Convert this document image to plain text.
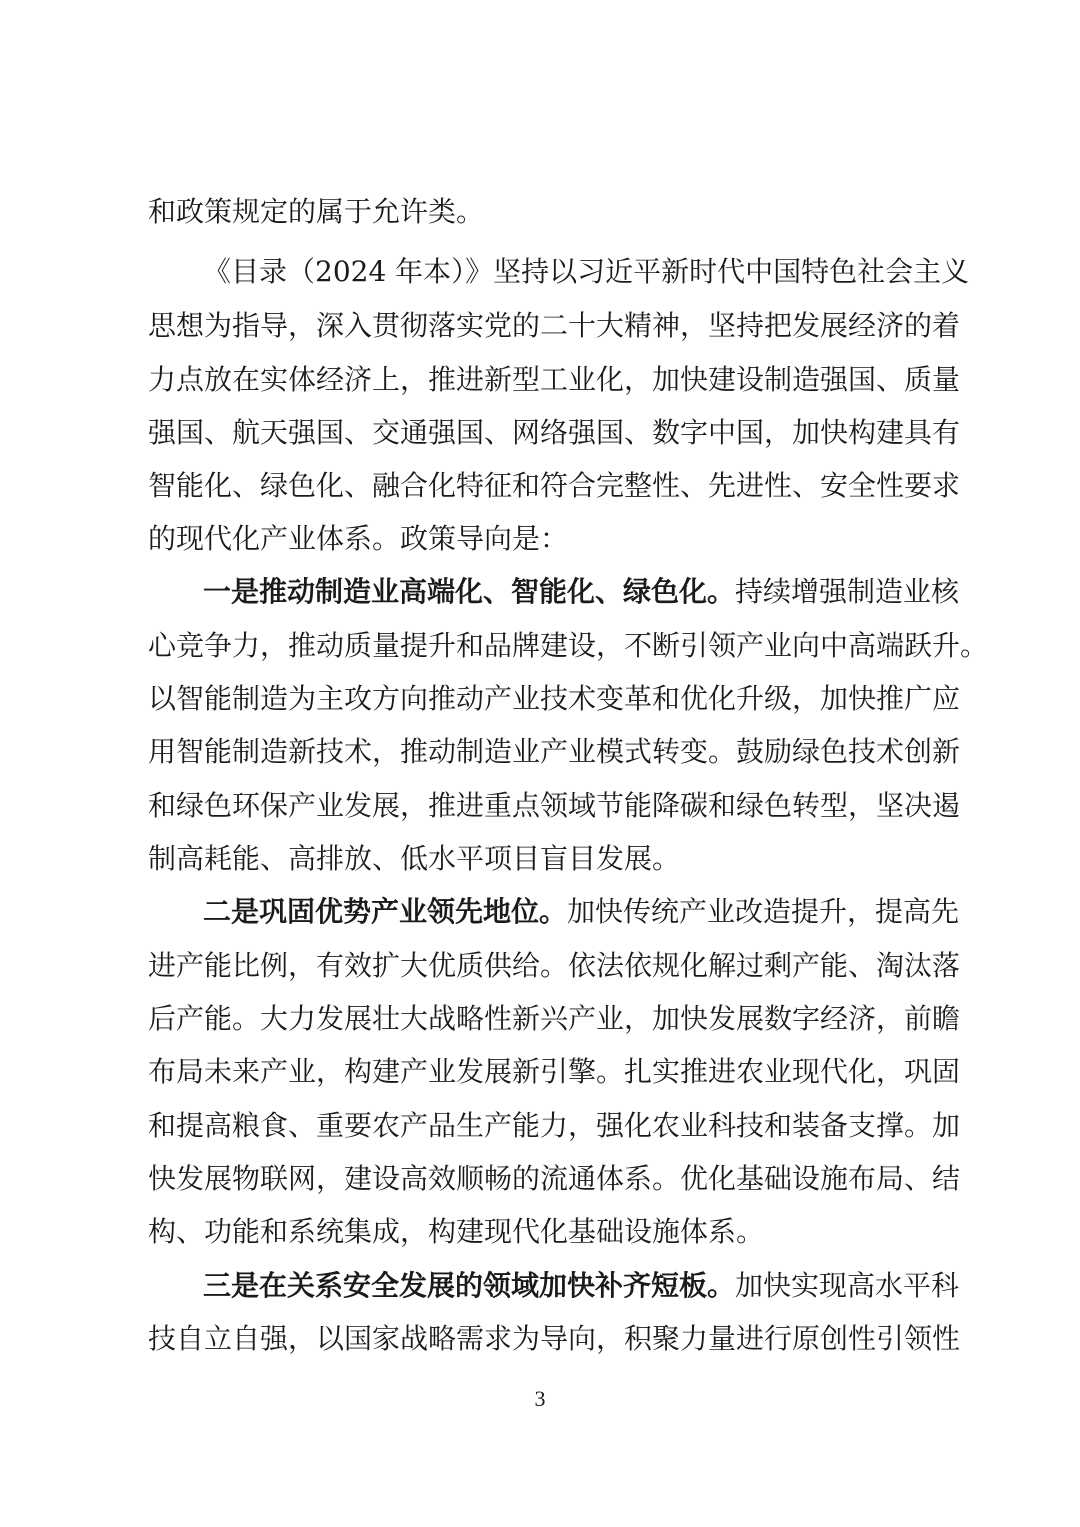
和政策规定的属于允许类。
《目录（2024 年本）》坚持以习近平新时代中国特色社会主义
思想为指导，深入贯彻落实党的二十大精神，坚持把发展经济的着
力点放在实体经济上，推进新型工业化，加快建设制造强国、质量
强国、航天强国、交通强国、网络强国、数字中国，加快构建具有
智能化、绿色化、融合化特征和符合完整性、先进性、安全性要求
的现代化产业体系。政策导向是：
一是推动制造业高端化、智能化、绿色化。持续增强制造业核
心竞争力，推动质量提升和品牌建设，不断引领产业向中高端跃升。
以智能制造为主攻方向推动产业技术变革和优化升级，加快推广应
用智能制造新技术，推动制造业产业模式转变。鼓励绿色技术创新
和绿色环保产业发展，推进重点领域节能降碳和绿色转型，坚决遏
制高耗能、高排放、低水平项目盲目发展。
二是巩固优势产业领先地位。加快传统产业改造提升，提高先
进产能比例，有效扩大优质供给。依法依规化解过剩产能、淘汰落
后产能。大力发展壮大战略性新兴产业，加快发展数字经济，前瞻
布局未来产业，构建产业发展新引擎。扎实推进农业现代化，巩固
和提高粮食、重要农产品生产能力，强化农业科技和装备支撑。加
快发展物联网，建设高效顺畅的流通体系。优化基础设施布局、结
构、功能和系统集成，构建现代化基础设施体系。
三是在关系安全发展的领域加快补齐短板。加快实现高水平科
技自立自强，以国家战略需求为导向，积聚力量进行原创性引领性
3
